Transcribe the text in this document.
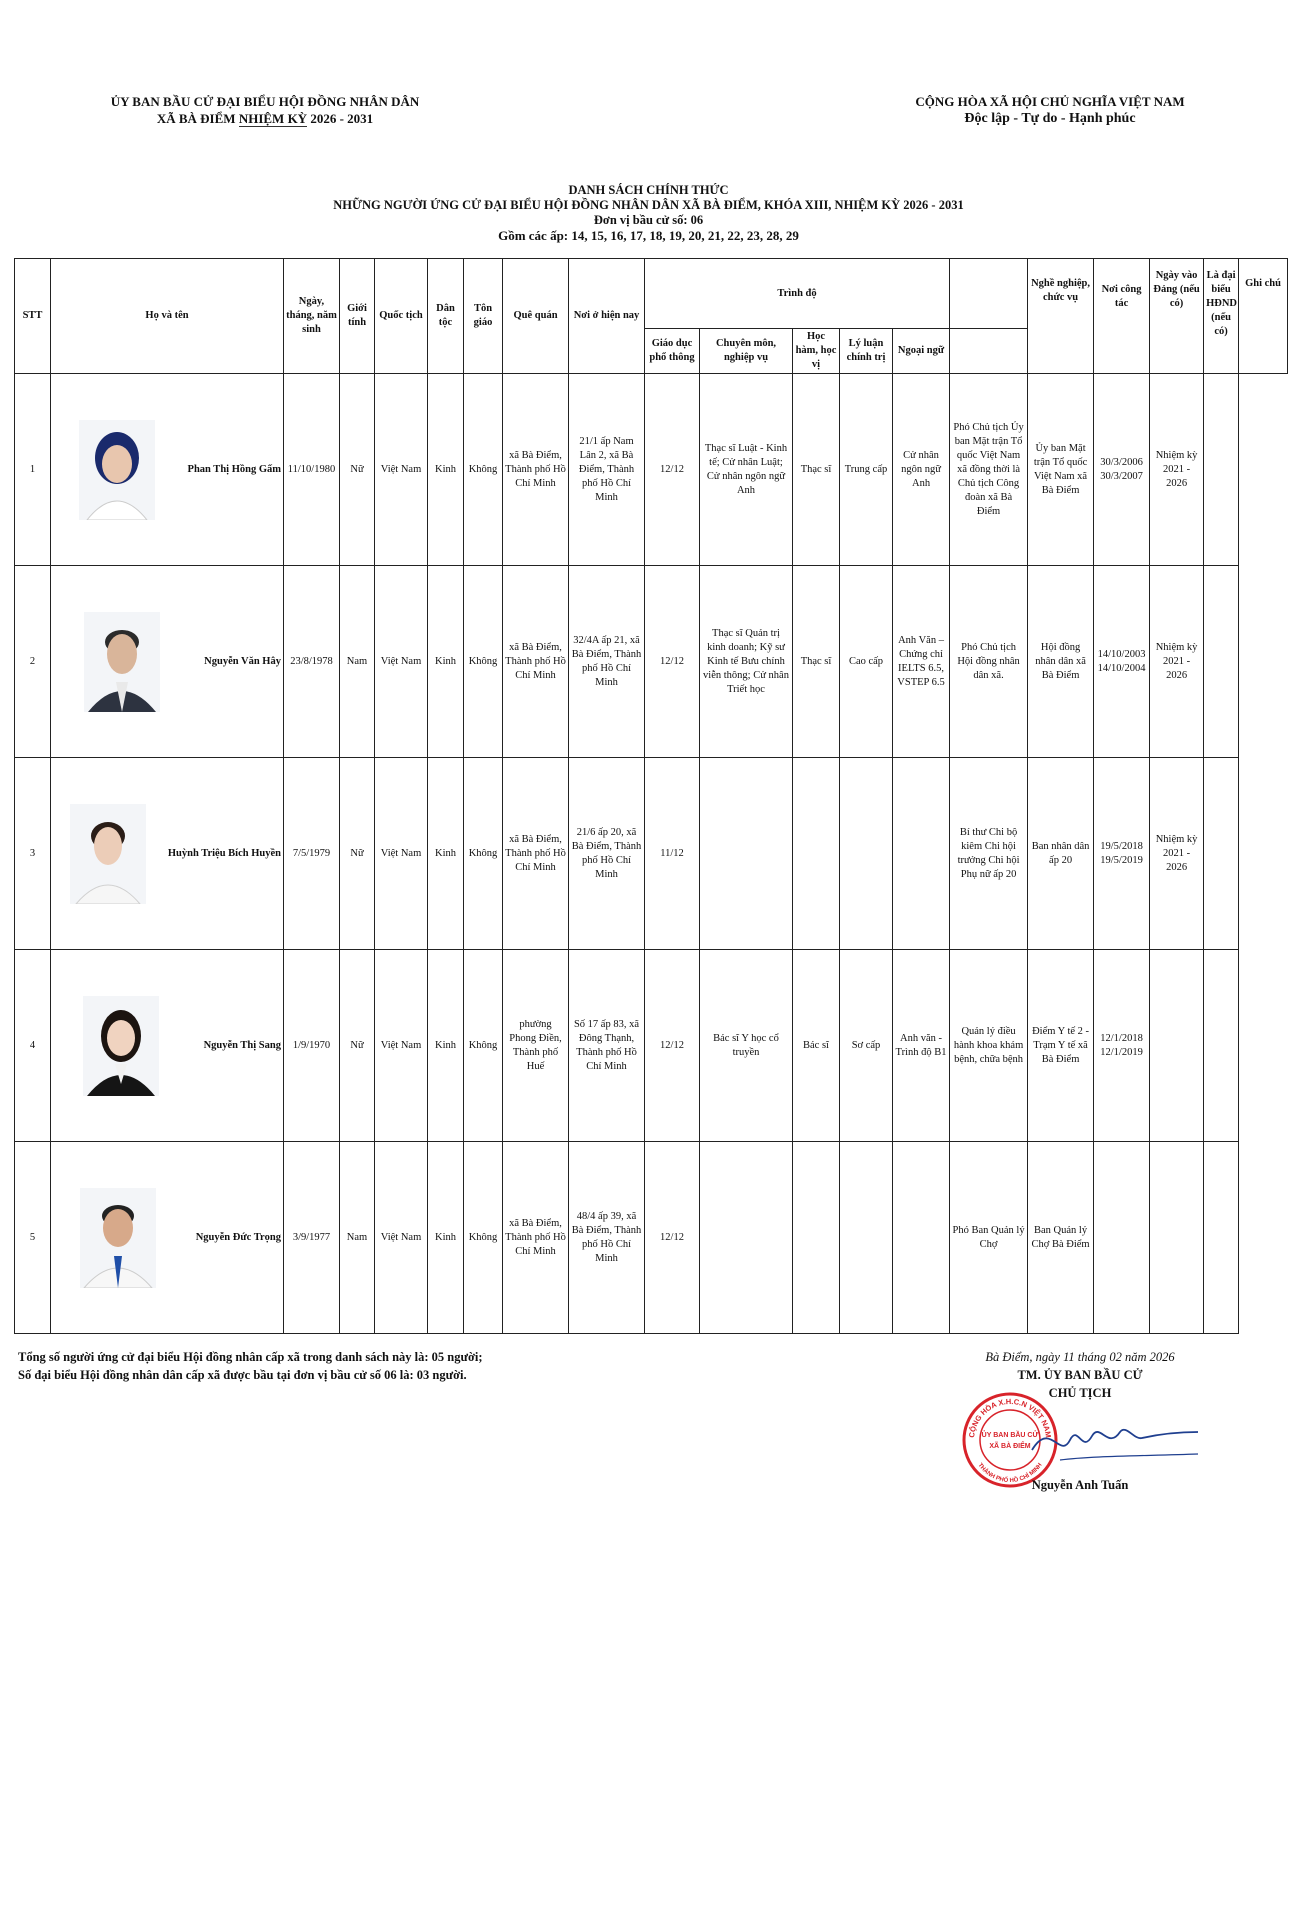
ỦY BAN BẦU CỬ ĐẠI BIỂU HỘI ĐỒNG NHÂN DÂN
XÃ BÀ ĐIỂM NHIỆM KỲ 2026 - 2031
CỘNG HÒA XÃ HỘI CHỦ NGHĨA VIỆT NAM
Độc lập - Tự do - Hạnh phúc
DANH SÁCH CHÍNH THỨC
NHỮNG NGƯỜI ỨNG CỬ ĐẠI BIỂU HỘI ĐỒNG NHÂN DÂN XÃ BÀ ĐIỂM, KHÓA XIII, NHIỆM KỲ 2026 - 2031
Đơn vị bầu cử số: 06
Gồm các ấp: 14, 15, 16, 17, 18, 19, 20, 21, 22, 23, 28, 29
STT	Họ và tên	Ngày, tháng, năm sinh	Giới tính	Quốc tịch	Dân tộc	Tôn giáo	Quê quán	Nơi ở hiện nay	Trình độ						Nghề nghiệp, chức vụ	Nơi công tác	Ngày vào Đảng (nếu có)	Là đại biểu HĐND (nếu có)	Ghi chú
									Giáo dục phổ thông	Chuyên môn, nghiệp vụ	Học hàm, học vị	Lý luận chính trị	Ngoại ngữ						
1	Phan Thị Hồng Gấm	11/10/1980	Nữ	Việt Nam	Kinh	Không	xã Bà Điểm, Thành phố Hồ Chí Minh	21/1 ấp Nam Lân 2, xã Bà Điểm, Thành phố Hồ Chí Minh	12/12	Thạc sĩ Luật - Kinh tế; Cử nhân Luật; Cử nhân ngôn ngữ Anh	Thạc sĩ	Trung cấp	Cử nhân ngôn ngữ Anh	Phó Chủ tịch Ủy ban Mặt trận Tổ quốc Việt Nam xã đồng thời là Chủ tịch Công đoàn xã Bà Điểm	Ủy ban Mặt trận Tổ quốc Việt Nam xã Bà Điểm	30/3/2006 30/3/2007	Nhiệm kỳ 2021 - 2026		
2	Nguyễn Văn Hây	23/8/1978	Nam	Việt Nam	Kinh	Không	xã Bà Điểm, Thành phố Hồ Chí Minh	32/4A ấp 21, xã Bà Điểm, Thành phố Hồ Chí Minh	12/12	Thạc sĩ Quản trị kinh doanh; Kỹ sư Kinh tế Bưu chính viễn thông; Cử nhân Triết học	Thạc sĩ	Cao cấp	Anh Văn – Chứng chỉ IELTS 6.5, VSTEP 6.5	Phó Chủ tịch Hội đồng nhân dân xã.	Hội đồng nhân dân xã Bà Điểm	14/10/2003 14/10/2004	Nhiệm kỳ 2021 - 2026		
3	Huỳnh Triệu Bích Huyền	7/5/1979	Nữ	Việt Nam	Kinh	Không	xã Bà Điểm, Thành phố Hồ Chí Minh	21/6 ấp 20, xã Bà Điểm, Thành phố Hồ Chí Minh	11/12					Bí thư Chi bộ kiêm Chi hội trưởng Chi hội Phụ nữ ấp 20	Ban nhân dân ấp 20	19/5/2018 19/5/2019	Nhiệm kỳ 2021 - 2026		
4	Nguyễn Thị Sang	1/9/1970	Nữ	Việt Nam	Kinh	Không	phường Phong Điền, Thành phố Huế	Số 17 ấp 83, xã Đông Thạnh, Thành phố Hồ Chí Minh	12/12	Bác sĩ Y học cổ truyền	Bác sĩ	Sơ cấp	Anh văn - Trình độ B1	Quản lý điều hành khoa khám bệnh, chữa bệnh	Điểm Y tế 2 - Trạm Y tế xã Bà Điểm	12/1/2018 12/1/2019			
5	Nguyễn Đức Trọng	3/9/1977	Nam	Việt Nam	Kinh	Không	xã Bà Điểm, Thành phố Hồ Chí Minh	48/4 ấp 39, xã Bà Điểm, Thành phố Hồ Chí Minh	12/12					Phó Ban Quản lý Chợ	Ban Quản lý Chợ Bà Điểm				
Tổng số người ứng cử đại biểu Hội đồng nhân cấp xã trong danh sách này là: 05 người;
Số đại biểu Hội đồng nhân dân cấp xã được bầu tại đơn vị bầu cử số 06 là: 03 người.
Bà Điểm, ngày 11 tháng 02 năm 2026
TM. ỦY BAN BẦU CỬ
CHỦ TỊCH
CỘNG HÒA X.H.C.N VIỆT NAM
THÀNH PHỐ HỒ CHÍ MINH
ỦY BAN BẦU CỬ
XÃ BÀ ĐIỂM
Nguyễn Anh Tuấn
